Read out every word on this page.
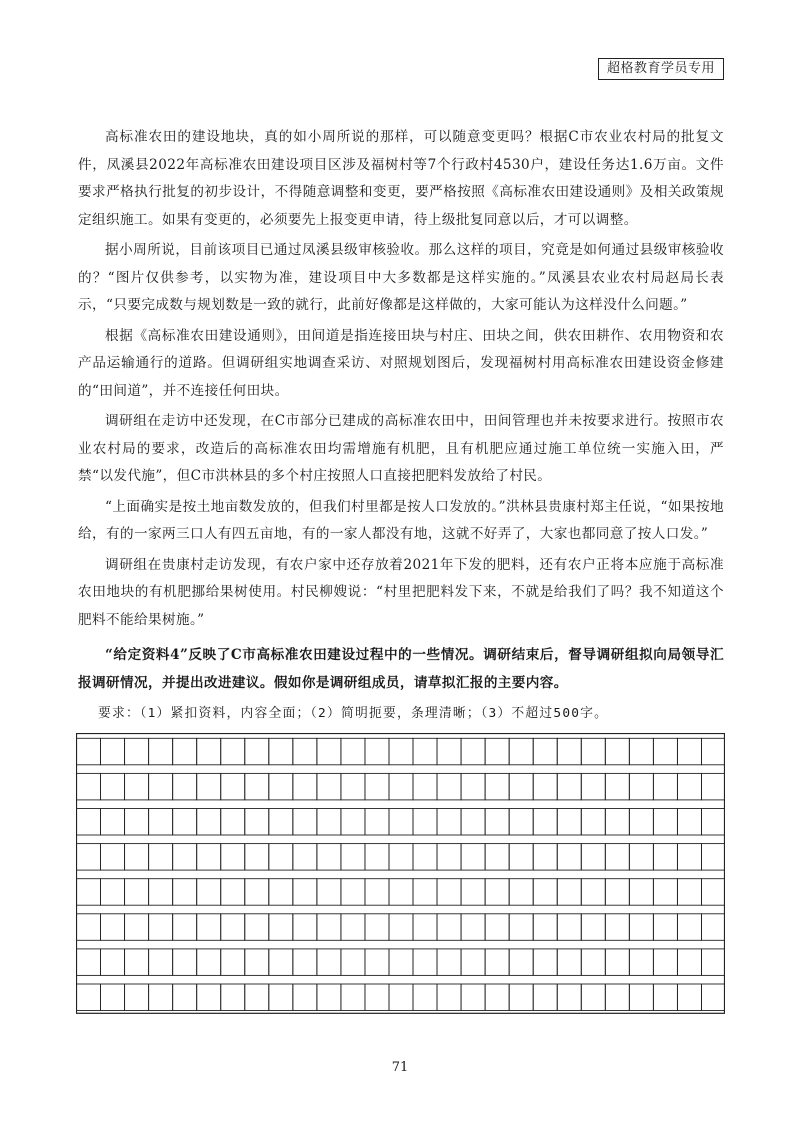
超格教育学员专用

高标准农田的建设地块，真的如小周所说的那样，可以随意变更吗？根据C市农业农村局的批复文件，凤溪县2022年高标准农田建设项目区涉及福树村等7个行政村4530户，建设任务达1.6万亩。文件要求严格执行批复的初步设计，不得随意调整和变更，要严格按照《高标准农田建设通则》及相关政策规定组织施工。如果有变更的，必须要先上报变更申请，待上级批复同意以后，才可以调整。

据小周所说，目前该项目已通过凤溪县级审核验收。那么这样的项目，究竟是如何通过县级审核验收的？“图片仅供参考，以实物为准，建设项目中大多数都是这样实施的。”凤溪县农业农村局赵局长表示，“只要完成数与规划数是一致的就行，此前好像都是这样做的，大家可能认为这样没什么问题。”

根据《高标准农田建设通则》，田间道是指连接田块与村庄、田块之间，供农田耕作、农用物资和农产品运输通行的道路。但调研组实地调查采访、对照规划图后，发现福树村用高标准农田建设资金修建的“田间道”，并不连接任何田块。

调研组在走访中还发现，在C市部分已建成的高标准农田中，田间管理也并未按要求进行。按照市农业农村局的要求，改造后的高标准农田均需增施有机肥，且有机肥应通过施工单位统一实施入田，严禁“以发代施”，但C市洪林县的多个村庄按照人口直接把肥料发放给了村民。

“上面确实是按土地亩数发放的，但我们村里都是按人口发放的。”洪林县贵康村郑主任说，“如果按地给，有的一家两三口人有四五亩地，有的一家人都没有地，这就不好弄了，大家也都同意了按人口发。”

调研组在贵康村走访发现，有农户家中还存放着2021年下发的肥料，还有农户正将本应施于高标准农田地块的有机肥挪给果树使用。村民柳嫂说：“村里把肥料发下来，不就是给我们了吗？我不知道这个肥料不能给果树施。”

“给定资料4”反映了C市高标准农田建设过程中的一些情况。调研结束后，督导调研组拟向局领导汇报调研情况，并提出改进建议。假如你是调研组成员，请草拟汇报的主要内容。

要求：（1）紧扣资料，内容全面；（2）简明扼要，条理清晰；（3）不超过500字。

71
